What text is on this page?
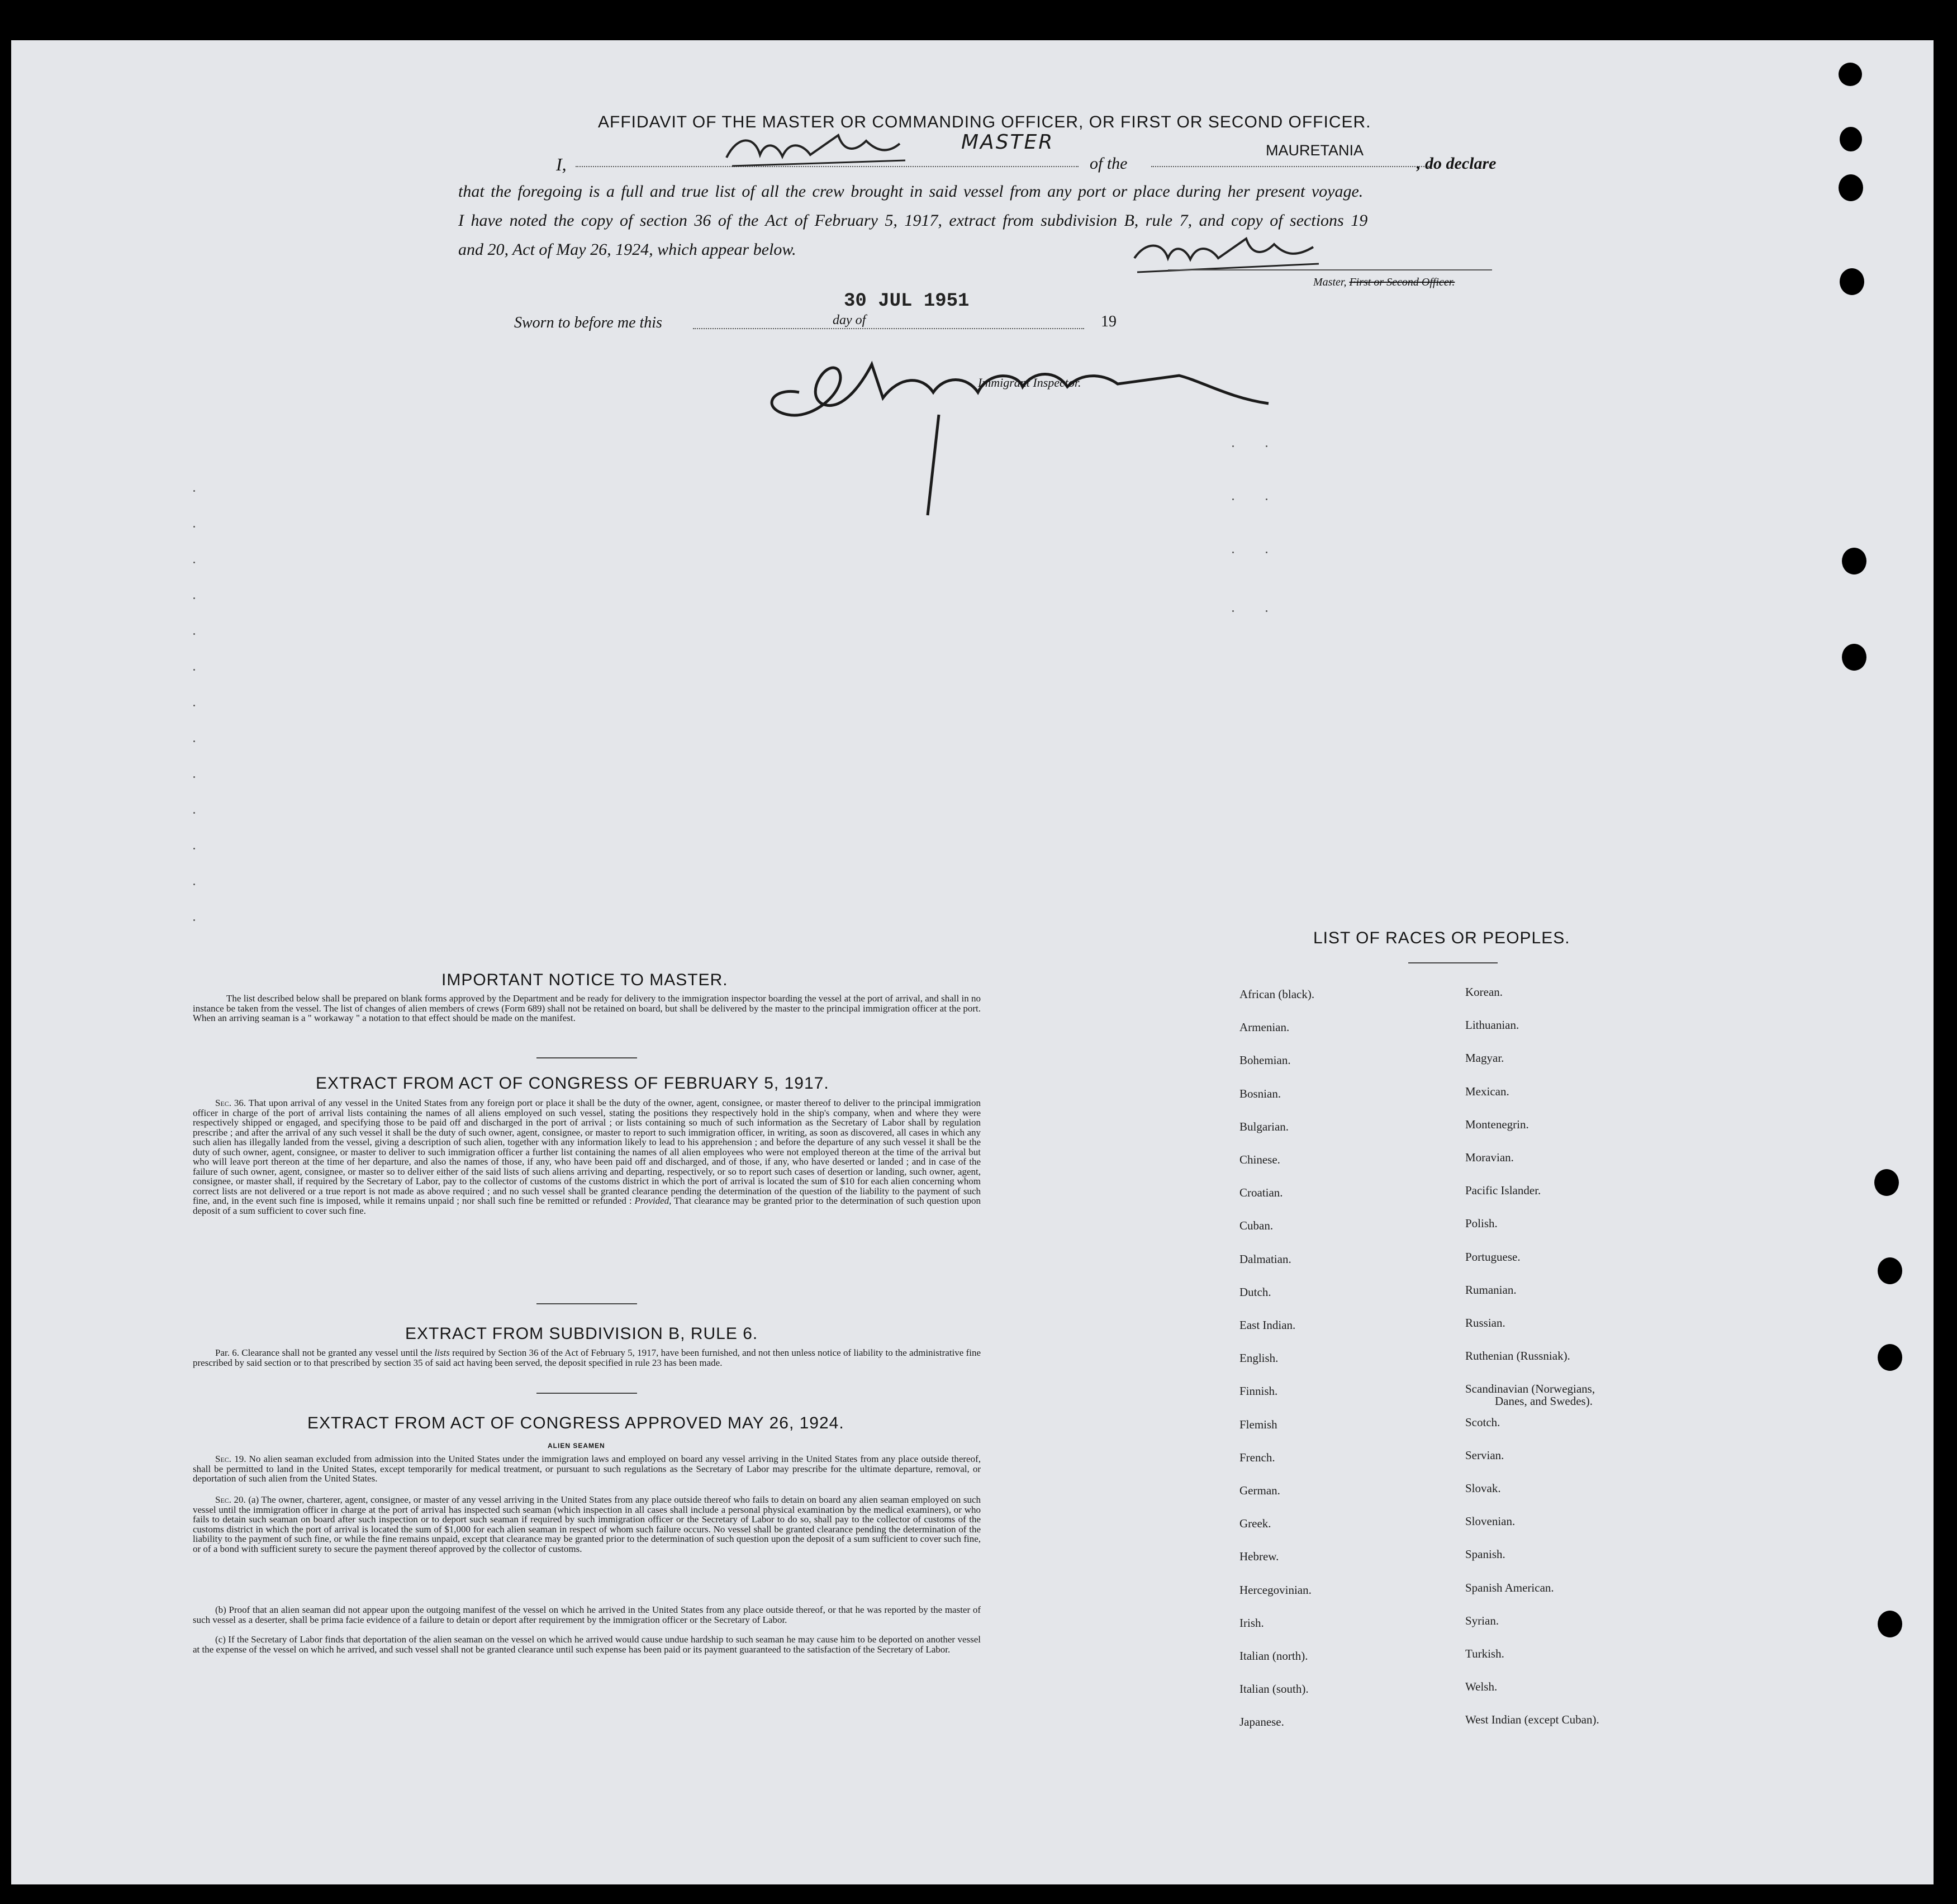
AFFIDAVIT OF THE MASTER OR COMMANDING OFFICER, OR FIRST OR SECOND OFFICER.
I,
MASTER
of the
MAURETANIA
, do declare
that the foregoing is a full and true list of all the crew brought in said vessel from any port or place during her present voyage.
I have noted the copy of section 36 of the Act of February 5, 1917, extract from subdivision B, rule 7, and copy of sections 19
and 20, Act of May 26, 1924, which appear below.
Master, First or Second Officer.
Sworn to before me this	day of
30 JUL 1951
19
Immigrant Inspector.
IMPORTANT NOTICE TO MASTER.
The list described below shall be prepared on blank forms approved by the Department and be ready for delivery to the immigration inspector boarding the vessel at the port of arrival, and shall in no instance be taken from the vessel. The list of changes of alien members of crews (Form 689) shall not be retained on board, but shall be delivered by the master to the principal immigration officer at the port. When an arriving seaman is a " workaway " a notation to that effect should be made on the manifest.
EXTRACT FROM ACT OF CONGRESS OF FEBRUARY 5, 1917.
Sec. 36. That upon arrival of any vessel in the United States from any foreign port or place it shall be the duty of the owner, agent, consignee, or master thereof to deliver to the principal immigration officer in charge of the port of arrival lists containing the names of all aliens employed on such vessel, stating the positions they respectively hold in the ship's company, when and where they were respectively shipped or engaged, and specifying those to be paid off and discharged in the port of arrival ; or lists containing so much of such information as the Secretary of Labor shall by regulation prescribe ; and after the arrival of any such vessel it shall be the duty of such owner, agent, consignee, or master to report to such immigration officer, in writing, as soon as discovered, all cases in which any such alien has illegally landed from the vessel, giving a description of such alien, together with any information likely to lead to his apprehension ; and before the departure of any such vessel it shall be the duty of such owner, agent, consignee, or master to deliver to such immigration officer a further list containing the names of all alien employees who were not employed thereon at the time of the arrival but who will leave port thereon at the time of her departure, and also the names of those, if any, who have been paid off and discharged, and of those, if any, who have deserted or landed ; and in case of the failure of such owner, agent, consignee, or master so to deliver either of the said lists of such aliens arriving and departing, respectively, or so to report such cases of desertion or landing, such owner, agent, consignee, or master shall, if required by the Secretary of Labor, pay to the collector of customs of the customs district in which the port of arrival is located the sum of $10 for each alien concerning whom correct lists are not delivered or a true report is not made as above required ; and no such vessel shall be granted clearance pending the determination of the question of the liability to the payment of such fine, and, in the event such fine is imposed, while it remains unpaid ; nor shall such fine be remitted or refunded : Provided, That clearance may be granted prior to the determination of such question upon deposit of a sum sufficient to cover such fine.
EXTRACT FROM SUBDIVISION B, RULE 6.
Par. 6. Clearance shall not be granted any vessel until the lists required by Section 36 of the Act of February 5, 1917, have been furnished, and not then unless notice of liability to the administrative fine prescribed by said section or to that prescribed by section 35 of said act having been served, the deposit specified in rule 23 has been made.
EXTRACT FROM ACT OF CONGRESS APPROVED MAY 26, 1924.
ALIEN SEAMEN
Sec. 19. No alien seaman excluded from admission into the United States under the immigration laws and employed on board any vessel arriving in the United States from any place outside thereof, shall be permitted to land in the United States, except temporarily for medical treatment, or pursuant to such regulations as the Secretary of Labor may prescribe for the ultimate departure, removal, or deportation of such alien from the United States.
Sec. 20. (a) The owner, charterer, agent, consignee, or master of any vessel arriving in the United States from any place outside thereof who fails to detain on board any alien seaman employed on such vessel until the immigration officer in charge at the port of arrival has inspected such seaman (which inspection in all cases shall include a personal physical examination by the medical examiners), or who fails to detain such seaman on board after such inspection or to deport such seaman if required by such immigration officer or the Secretary of Labor to do so, shall pay to the collector of customs of the customs district in which the port of arrival is located the sum of $1,000 for each alien seaman in respect of whom such failure occurs. No vessel shall be granted clearance pending the determination of the liability to the payment of such fine, or while the fine remains unpaid, except that clearance may be granted prior to the determination of such question upon the deposit of a sum sufficient to cover such fine, or of a bond with sufficient surety to secure the payment thereof approved by the collector of customs.
(b) Proof that an alien seaman did not appear upon the outgoing manifest of the vessel on which he arrived in the United States from any place outside thereof, or that he was reported by the master of such vessel as a deserter, shall be prima facie evidence of a failure to detain or deport after requirement by the immigration officer or the Secretary of Labor.
(c) If the Secretary of Labor finds that deportation of the alien seaman on the vessel on which he arrived would cause undue hardship to such seaman he may cause him to be deported on another vessel at the expense of the vessel on which he arrived, and such vessel shall not be granted clearance until such expense has been paid or its payment guaranteed to the satisfaction of the Secretary of Labor.
LIST OF RACES OR PEOPLES.
African (black).
Armenian.
Bohemian.
Bosnian.
Bulgarian.
Chinese.
Croatian.
Cuban.
Dalmatian.
Dutch.
East Indian.
English.
Finnish.
Flemish
French.
German.
Greek.
Hebrew.
Hercegovinian.
Irish.
Italian (north).
Italian (south).
Japanese.
Korean.
Lithuanian.
Magyar.
Mexican.
Montenegrin.
Moravian.
Pacific Islander.
Polish.
Portuguese.
Rumanian.
Russian.
Ruthenian (Russniak).
Scandinavian (Norwegians,
Scotch.
Servian.
Slovak.
Slovenian.
Spanish.
Spanish American.
Syrian.
Turkish.
Welsh.
West Indian (except Cuban).
Danes, and Swedes).
